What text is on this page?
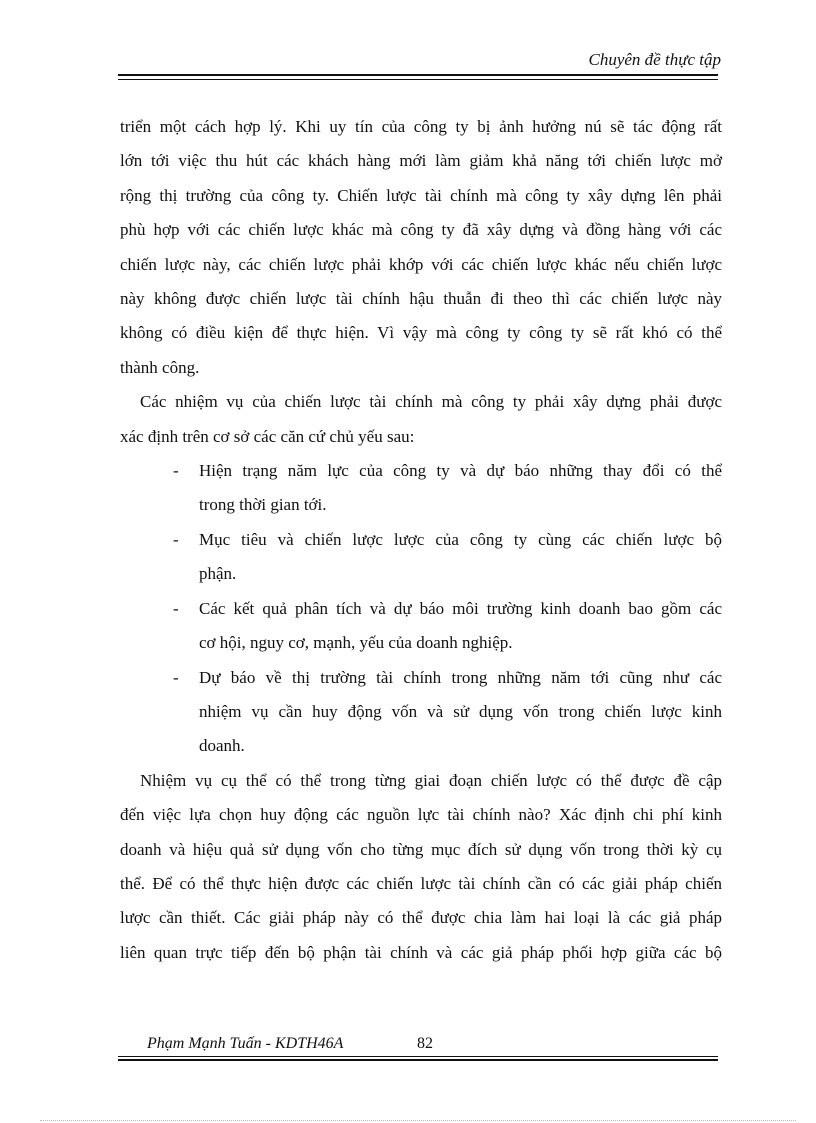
Chuyên đề thực tập

triển một cách hợp lý. Khi uy tín của công ty bị ảnh hưởng nú sẽ tác động rất
lớn tới việc thu hút các khách hàng mới làm giảm khả năng tới chiến lược mở
rộng thị trường của công ty. Chiến lược tài chính mà công ty xây dựng lên phải
phù hợp với các chiến lược khác mà công ty đã xây dựng và đồng hàng với các
chiến lược này, các chiến lược phải khớp với các chiến lược khác nếu chiến lược
này không được chiến lược tài chính hậu thuẫn đi theo thì các chiến lược này
không có điều kiện để thực hiện. Vì vậy mà công ty công ty sẽ rất khó có thể
thành công.

Các nhiệm vụ của chiến lược tài chính mà công ty phải xây dựng phải được
xác định trên cơ sở các căn cứ chủ yếu sau:

- Hiện trạng năm lực của công ty và dự báo những thay đổi có thể
trong thời gian tới.
- Mục tiêu và chiến lược lược của công ty cùng các chiến lược bộ
phận.
- Các kết quả phân tích và dự báo môi trường kinh doanh bao gồm các
cơ hội, nguy cơ, mạnh, yếu của doanh nghiệp.
- Dự báo về thị trường tài chính trong những năm tới cũng như các
nhiệm vụ cần huy động vốn và sử dụng vốn trong chiến lược kinh
doanh.

Nhiệm vụ cụ thể có thể trong từng giai đoạn chiến lược có thể được đề cập
đến việc lựa chọn huy động các nguồn lực tài chính nào? Xác định chi phí kinh
doanh và hiệu quả sử dụng vốn cho từng mục đích sử dụng vốn trong thời kỳ cụ
thể. Để có thể thực hiện được các chiến lược tài chính cần có các giải pháp chiến
lược cần thiết. Các giải pháp này có thể được chia làm hai loại là các giả pháp
liên quan trực tiếp đến bộ phận tài chính và các giả pháp phối hợp giữa các bộ

Phạm Mạnh Tuấn - KDTH46A	82
